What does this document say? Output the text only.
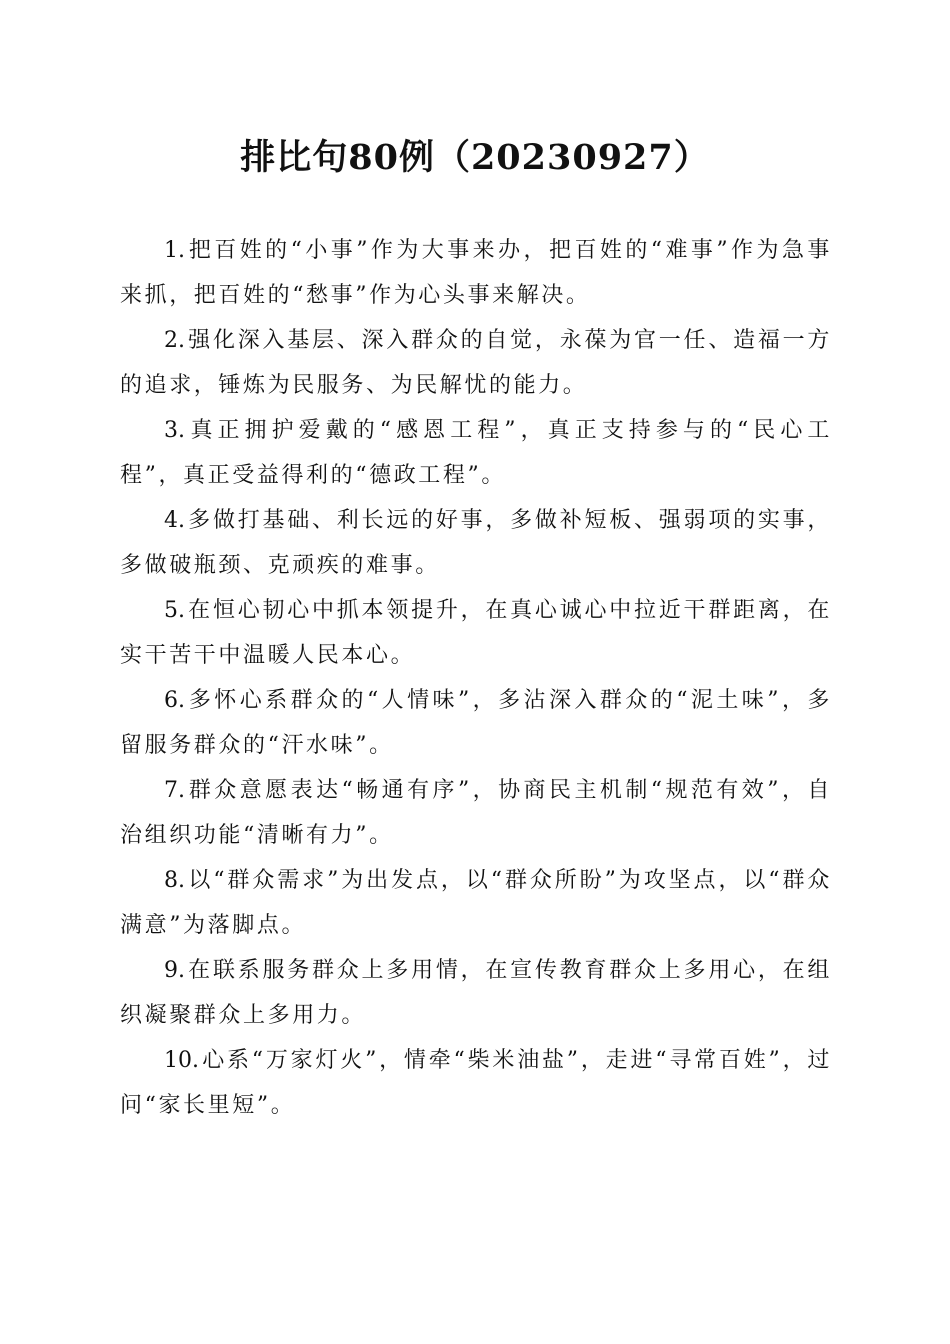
排比句80例（20230927）

1. 把百姓的“小事”作为大事来办，把百姓的“难事”作为急事来抓，把百姓的“愁事”作为心头事来解决。

2. 强化深入基层、深入群众的自觉，永葆为官一任、造福一方的追求，锤炼为民服务、为民解忧的能力。

3. 真正拥护爱戴的“感恩工程”，真正支持参与的“民心工程”，真正受益得利的“德政工程”。

4. 多做打基础、利长远的好事，多做补短板、强弱项的实事，多做破瓶颈、克顽疾的难事。

5. 在恒心韧心中抓本领提升，在真心诚心中拉近干群距离，在实干苦干中温暖人民本心。

6. 多怀心系群众的“人情味”，多沾深入群众的“泥土味”，多留服务群众的“汗水味”。

7. 群众意愿表达“畅通有序”，协商民主机制“规范有效”，自治组织功能“清晰有力”。

8. 以“群众需求”为出发点，以“群众所盼”为攻坚点，以“群众满意”为落脚点。

9. 在联系服务群众上多用情，在宣传教育群众上多用心，在组织凝聚群众上多用力。

10. 心系“万家灯火”，情牵“柴米油盐”，走进“寻常百姓”，过问“家长里短”。
